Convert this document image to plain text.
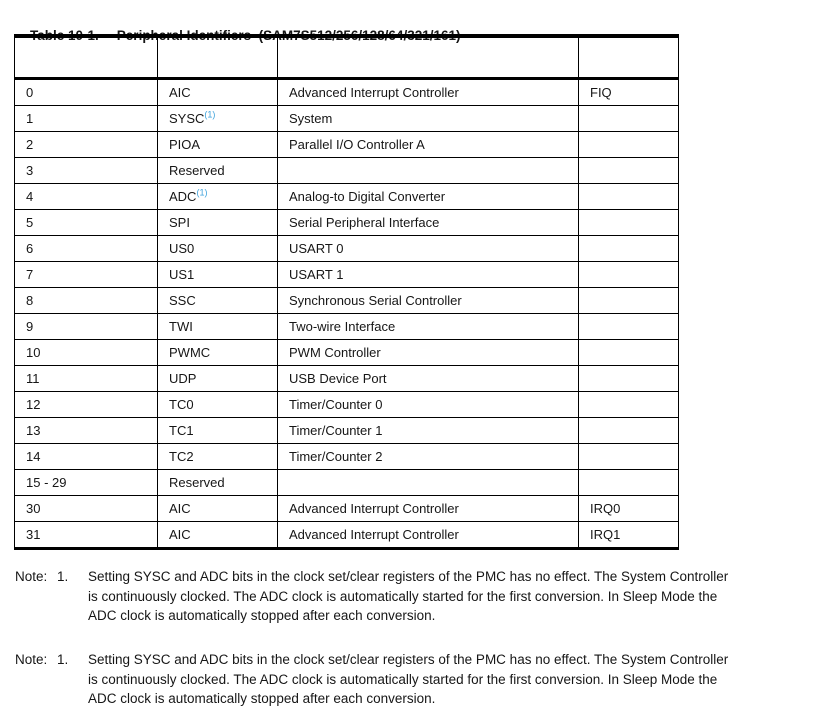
Table 10-1. Peripheral Identifiers  (SAM7S512/256/128/64/321/161)

0	AIC	Advanced Interrupt Controller	FIQ
1	SYSC$^{(1)}$	System	
2	PIOA	Parallel I/O Controller A	
3	Reserved		
4	ADC$^{(1)}$	Analog-to Digital Converter	
5	SPI	Serial Peripheral Interface	
6	US0	USART 0	
7	US1	USART 1	
8	SSC	Synchronous Serial Controller	
9	TWI	Two-wire Interface	
10	PWMC	PWM Controller	
11	UDP	USB Device Port	
12	TC0	Timer/Counter 0	
13	TC1	Timer/Counter 1	
14	TC2	Timer/Counter 2	
15 - 29	Reserved		
30	AIC	Advanced Interrupt Controller	IRQ0
31	AIC	Advanced Interrupt Controller	IRQ1
Note: 1.	Setting SYSC and ADC bits in the clock set/clear registers of the PMC has no effect. The System Controller
is continuously clocked. The ADC clock is automatically started for the first conversion. In Sleep Mode the
ADC clock is automatically stopped after each conversion.
Note: 1.	Setting SYSC and ADC bits in the clock set/clear registers of the PMC has no effect. The System Controller
is continuously clocked. The ADC clock is automatically started for the first conversion. In Sleep Mode the
ADC clock is automatically stopped after each conversion.
